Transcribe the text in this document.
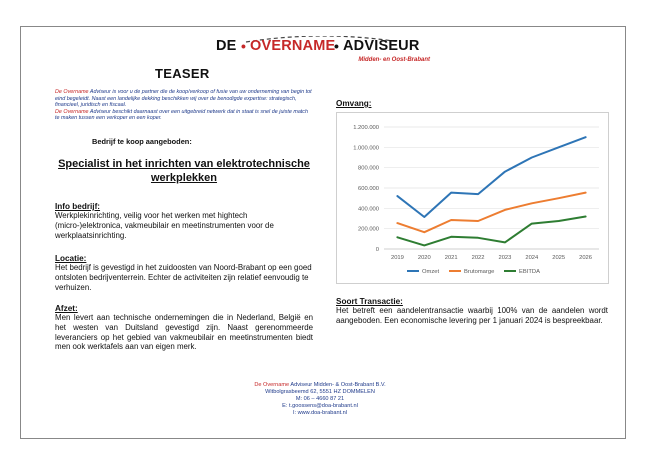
DE • OVERNAME
• ADVISEUR
Midden- en Oost-Brabant
TEASER
De Overname Adviseur is voor u de partner die de koop/verkoop of fusie van uw onderneming van begin tot eind begeleidt. Naast een landelijke dekking beschikken wij over de benodigde expertise: strategisch, financieel, juridisch en fiscaal.
De Overname Adviseur beschikt daarnaast over een uitgebreid netwerk dat in staat is snel de juiste match te maken tussen een verkoper en een koper.
Bedrijf te koop aangeboden:
Specialist in het inrichten van elektrotechnische werkplekken
Info bedrijf:
Werkplekinrichting, veilig voor het werken met hightech (micro-)elektronica, vakmeubilair en meetinstrumenten voor de werkplaatsinrichting.
Locatie:
Het bedrijf is gevestigd in het zuidoosten van Noord-Brabant op een goed ontsloten bedrijventerrein. Echter de activiteiten zijn relatief eenvoudig te verhuizen.
Afzet:
Men levert aan technische ondernemingen die in Nederland, België en het westen van Duitsland gevestigd zijn. Naast gerenommeerde leveranciers op het gebied van vakmeubilair en meetinstrumenten biedt men ook werktafels aan van eigen merk.
Omvang:
0
200.000
400.000
600.000
800.000
1.000.000
1.200.000
2019 2020 2021 2022 2023 2024 2025 2026
Omzet	Brutomarge	EBITDA
Soort Transactie:
Het betreft een aandelentransactie waarbij 100% van de aandelen wordt aangeboden. Een economische levering per 1 januari 2024 is bespreekbaar.
De Overname Adviseur Midden- & Oost-Brabant B.V.
Witbolgrasbeemd 62, 5551 HZ DOMMELEN
M: 06 – 4660 87 21
E: t.goossens@doa-brabant.nl
I: www.doa-brabant.nl
